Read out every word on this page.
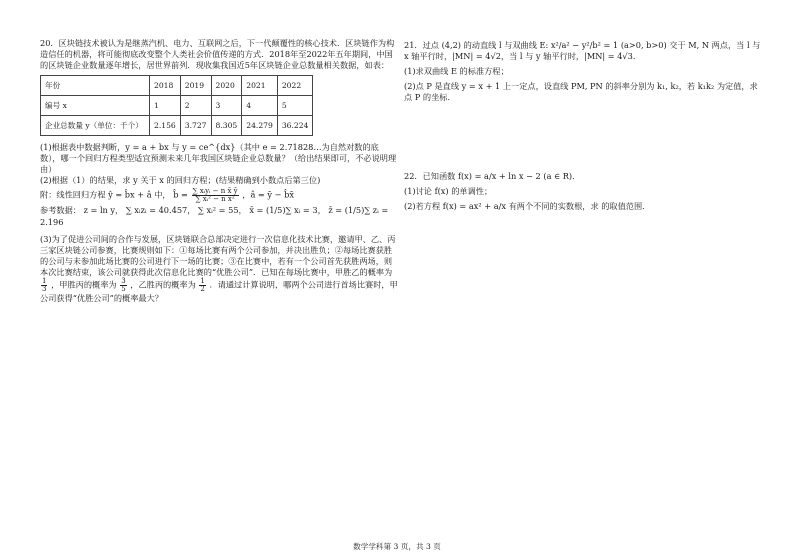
20．区块链技术被认为是继蒸汽机、电力、互联网之后，下一代颠覆性的核心技术．区块链作为构造信任的机器，将可能彻底改变整个人类社会价值传递的方式．2018年至2022年五年期间，中国的区块链企业数量逐年增长，居世界前列．现收集我国近5年区块链企业总数量相关数据，如表：

年份	2018	2019	2020	2021	2022
编号 x	1	2	3	4	5
企业总数量 y（单位：千个）	2.156	3.727	8.305	24.279	36.224

(1)根据表中数据判断，y = a + bx 与 y = ce^{dx}（其中 e = 2.71828…为自然对数的底数），哪一个回归方程类型适宜预测未来几年我国区块链企业总数量？（给出结果即可，不必说明理由）

(2)根据（1）的结果，求 y 关于 x 的回归方程；(结果精确到小数点后第三位)

附：线性回归方程 ŷ = b̂x + â 中， b̂ = $\frac{\text{∑ xᵢyᵢ − n x̄ ȳ}}{\text{∑ xᵢ² − n x̄²}}$ ，â = ȳ − b̂x̄
参考数据： z = ln y， ∑ xᵢzᵢ = 40.457， ∑ xᵢ² = 55， x̄ = (1/5)∑ xᵢ = 3， z̄ = (1/5)∑ zᵢ = 2.196

(3)为了促进公司间的合作与发展，区块链联合总部决定进行一次信息化技术比赛，邀请甲、乙、丙三家区块链公司参赛，比赛规则如下：①每场比赛有两个公司参加，并决出胜负；②每场比赛获胜的公司与未参加此场比赛的公司进行下一场的比赛；③在比赛中，若有一个公司首先获胜两场，则本次比赛结束，该公司就获得此次信息化比赛的“优胜公司”．已知在每场比赛中，甲胜乙的概率为
$\frac{1}{3}$ ，甲胜丙的概率为 $\frac{3}{5}$ ，乙胜丙的概率为 $\frac{1}{2}$ ．请通过计算说明，哪两个公司进行首场比赛时，甲公司获得“优胜公司”的概率最大？

21．过点 (4,2) 的动直线 l 与双曲线 E: x²/a² − y²/b² = 1 (a>0, b>0) 交于 M, N 两点，当 l 与 x 轴平行时，|MN| = 4√2，当 l 与 y 轴平行时，|MN| = 4√3．

(1)求双曲线 E 的标准方程；

(2)点 P 是直线 y = x + 1 上一定点，设直线 PM, PN 的斜率分别为 k₁, k₂，若 k₁k₂ 为定值，求点 P 的坐标．

22．已知函数 f(x) = a/x + ln x − 2 (a ∈ R)．

(1)讨论 f(x) 的单调性；

(2)若方程 f(x) = ax² + a/x 有两个不同的实数根，求 的取值范围．

数学学科第 3 页，共 3 页
